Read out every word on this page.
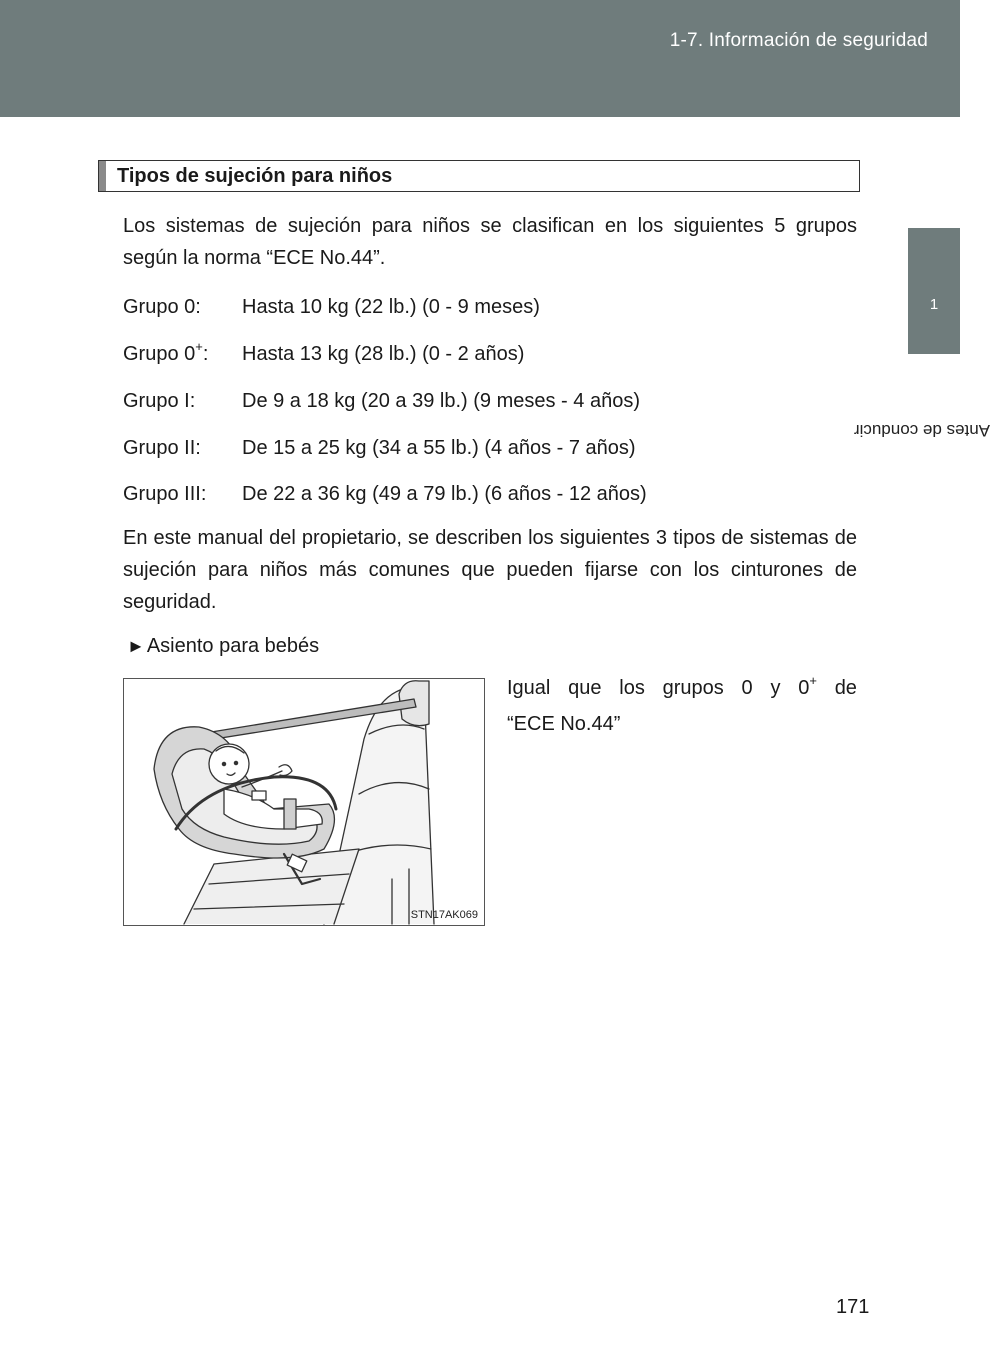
1-7. Información de seguridad
1
Antes de conducir
Tipos de sujeción para niños
Los sistemas de sujeción para niños se clasifican en los siguientes 5 grupos según la norma “ECE No.44”.
Grupo 0: Hasta 10 kg (22 lb.) (0 - 9 meses)
Grupo 0+: Hasta 13 kg (28 lb.) (0 - 2 años)
Grupo I: De 9 a 18 kg (20 a 39 lb.) (9 meses - 4 años)
Grupo II: De 15 a 25 kg (34 a 55 lb.) (4 años - 7 años)
Grupo III: De 22 a 36 kg (49 a 79 lb.) (6 años - 12 años)
En este manual del propietario, se describen los siguientes 3 tipos de sistemas de sujeción para niños más comunes que pueden fijarse con los cinturones de seguridad.
► Asiento para bebés
STN17AK069
Igual que los grupos 0 y 0+ de
“ECE No.44”
171
